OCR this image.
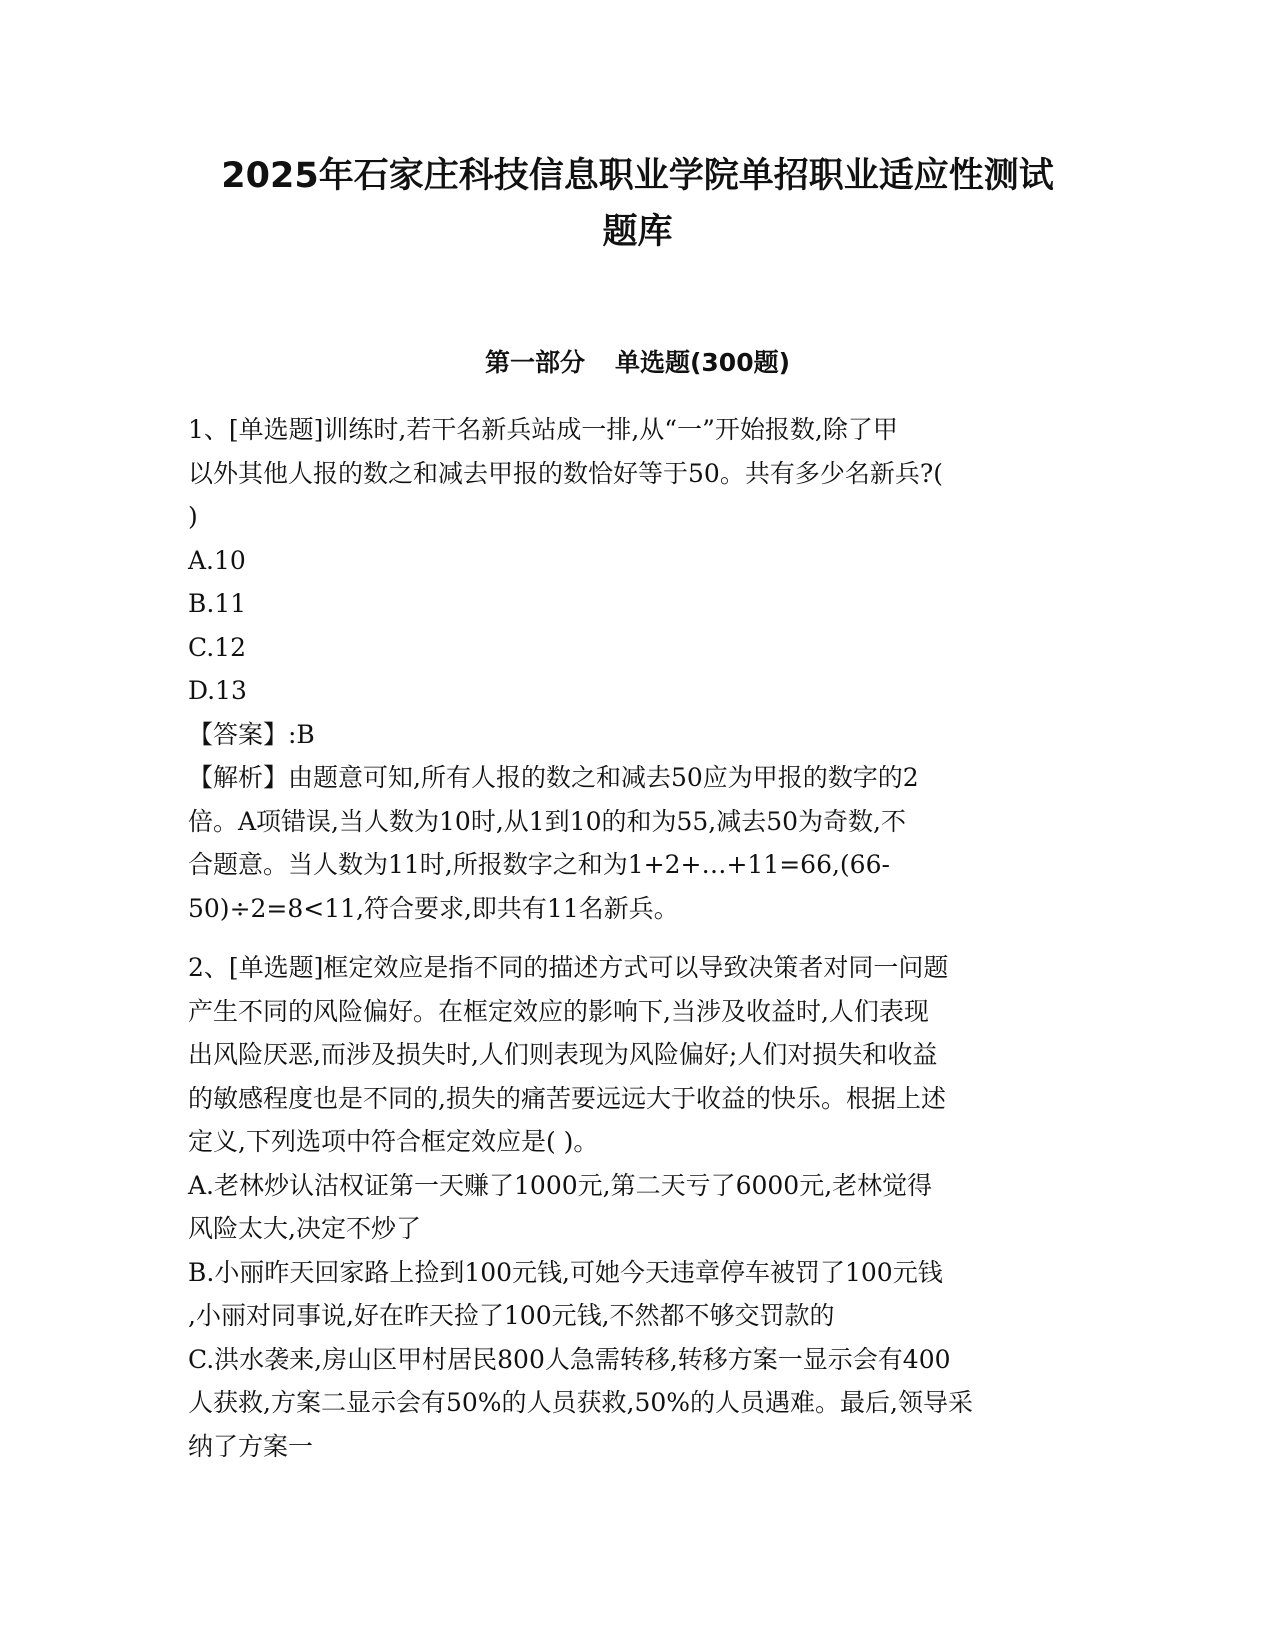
2025年石家庄科技信息职业学院单招职业适应性测试
题库
第一部分 单选题(300题)
1、[单选题]训练时,若干名新兵站成一排,从“一”开始报数,除了甲
以外其他人报的数之和减去甲报的数恰好等于50。共有多少名新兵?(
)
A.10
B.11
C.12
D.13
【答案】:B
【解析】由题意可知,所有人报的数之和减去50应为甲报的数字的2
倍。A项错误,当人数为10时,从1到10的和为55,减去50为奇数,不
合题意。当人数为11时,所报数字之和为1+2+…+11=66,(66-
50)÷2=8<11,符合要求,即共有11名新兵。
2、[单选题]框定效应是指不同的描述方式可以导致决策者对同一问题
产生不同的风险偏好。在框定效应的影响下,当涉及收益时,人们表现
出风险厌恶,而涉及损失时,人们则表现为风险偏好;人们对损失和收益
的敏感程度也是不同的,损失的痛苦要远远大于收益的快乐。根据上述
定义,下列选项中符合框定效应是( )。
A.老林炒认沽权证第一天赚了1000元,第二天亏了6000元,老林觉得
风险太大,决定不炒了
B.小丽昨天回家路上捡到100元钱,可她今天违章停车被罚了100元钱
,小丽对同事说,好在昨天捡了100元钱,不然都不够交罚款的
C.洪水袭来,房山区甲村居民800人急需转移,转移方案一显示会有400
人获救,方案二显示会有50%的人员获救,50%的人员遇难。最后,领导采
纳了方案一
